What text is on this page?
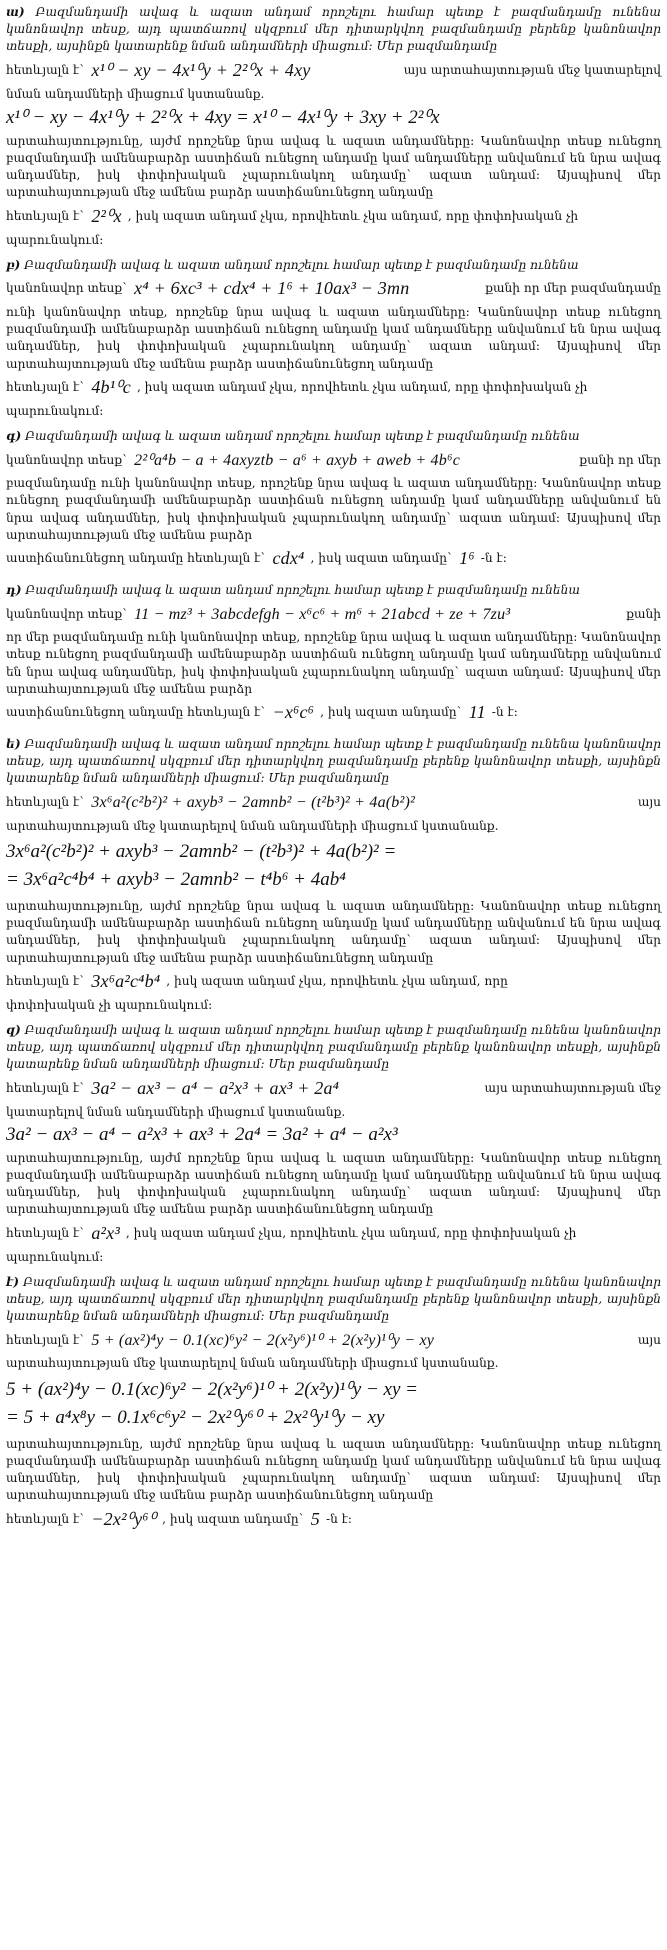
ա) Բազմանդամի ավագ և ազատ անդամ որոշելու համար պետք է բազմանդամը ունենա կանոնավոր տեսք, այդ պատճառով սկզբում մեր դիտարկվող բազմանդամը բերենք կանոնավոր տեսքի, այսինքն կատարենք նման անդամների միացում: Մեր բազմանդամը

հետևյալն է` x¹⁰ − xy − 4x¹⁰y + 2²⁰x + 4xy	այս արտահայտության մեջ կատարելով

նման անդամների միացում կստանանք.

x¹⁰ − xy − 4x¹⁰y + 2²⁰x + 4xy = x¹⁰ − 4x¹⁰y + 3xy + 2²⁰x

արտահայտությունը, այժմ որոշենք նրա ավագ և ազատ անդամները: Կանոնավոր տեսք ունեցող բազմանդամի ամենաբարձր աստիճան ունեցող անդամը կամ անդամները անվանում են նրա ավագ անդամներ, իսկ փոփոխական չպարունակող անդամը` ազատ անդամ: Այսպիսով մեր արտահայտության մեջ ամենա բարձր աստիճանունեցող անդամը

հետևյալն է` 2²⁰x , իսկ ազատ անդամ չկա, որովհետև չկա անդամ, որը փոփոխական չի

պարունակում:

բ) Բազմանդամի ավագ և ազատ անդամ որոշելու համար պետք է բազմանդամը ունենա

կանոնավոր տեսք` x⁴ + 6xc³ + cdx⁴ + 1⁶ + 10ax³ − 3mn	քանի որ մեր բազմանդամը

ունի կանոնավոր տեսք, որոշենք նրա ավագ և ազատ անդամները: Կանոնավոր տեսք ունեցող բազմանդամի ամենաբարձր աստիճան ունեցող անդամը կամ անդամները անվանում են նրա ավագ անդամներ, իսկ փոփոխական չպարունակող անդամը` ազատ անդամ: Այսպիսով մեր արտահայտության մեջ ամենա բարձր աստիճանունեցող անդամը

հետևյալն է` 4b¹⁰c , իսկ ազատ անդամ չկա, որովհետև չկա անդամ, որը փոփոխական չի

պարունակում:

գ) Բազմանդամի ավագ և ազատ անդամ որոշելու համար պետք է բազմանդամը ունենա

կանոնավոր տեսք` 2²⁰a⁴b − a + 4axyztb − a⁶ + axyb + aweb + 4b⁶c	քանի որ մեր

բազմանդամը ունի կանոնավոր տեսք, որոշենք նրա ավագ և ազատ անդամները: Կանոնավոր տեսք ունեցող բազմանդամի ամենաբարձր աստիճան ունեցող անդամը կամ անդամները անվանում են նրա ավագ անդամներ, իսկ փոփոխական չպարունակող անդամը` ազատ անդամ: Այսպիսով մեր արտահայտության մեջ ամենա բարձր

աստիճանունեցող անդամը հետևյալն է` cdx⁴ , իսկ ազատ անդամը` 1⁶ -ն է:

դ) Բազմանդամի ավագ և ազատ անդամ որոշելու համար պետք է բազմանդամը ունենա

կանոնավոր տեսք` 11 − mz³ + 3abcdefgh − x⁶c⁶ + m⁶ + 21abcd + ze + 7zu³	քանի

որ մեր բազմանդամը ունի կանոնավոր տեսք, որոշենք նրա ավագ և ազատ անդամները: Կանոնավոր տեսք ունեցող բազմանդամի ամենաբարձր աստիճան ունեցող անդամը կամ անդամները անվանում են նրա ավագ անդամներ, իսկ փոփոխական չպարունակող անդամը` ազատ անդամ: Այսպիսով մեր արտահայտության մեջ ամենա բարձր

աստիճանունեցող անդամը հետևյալն է` −x⁶c⁶ , իսկ ազատ անդամը` 11 -ն է:

ե) Բազմանդամի ավագ և ազատ անդամ որոշելու համար պետք է բազմանդամը ունենա կանոնավոր տեսք, այդ պատճառով սկզբում մեր դիտարկվող բազմանդամը բերենք կանոնավոր տեսքի, այսինքն կատարենք նման անդամների միացում: Մեր բազմանդամը

հետևյալն է` 3x⁶a²(c²b²)² + axyb³ − 2amnb² − (t²b³)² + 4a(b²)²	այս

արտահայտության մեջ կատարելով նման անդամների միացում կստանանք.

3x⁶a²(c²b²)² + axyb³ − 2amnb² − (t²b³)² + 4a(b²)² =
= 3x⁶a²c⁴b⁴ + axyb³ − 2amnb² − t⁴b⁶ + 4ab⁴

արտահայտությունը, այժմ որոշենք նրա ավագ և ազատ անդամները: Կանոնավոր տեսք ունեցող բազմանդամի ամենաբարձր աստիճան ունեցող անդամը կամ անդամները անվանում են նրա ավագ անդամներ, իսկ փոփոխական չպարունակող անդամը` ազատ անդամ: Այսպիսով մեր արտահայտության մեջ ամենա բարձր աստիճանունեցող անդամը

հետևյալն է` 3x⁶a²c⁴b⁴ , իսկ ազատ անդամ չկա, որովհետև չկա անդամ, որը

փոփոխական չի պարունակում:

զ) Բազմանդամի ավագ և ազատ անդամ որոշելու համար պետք է բազմանդամը ունենա կանոնավոր տեսք, այդ պատճառով սկզբում մեր դիտարկվող բազմանդամը բերենք կանոնավոր տեսքի, այսինքն կատարենք նման անդամների միացում: Մեր բազմանդամը

հետևյալն է` 3a² − ax³ − a⁴ − a²x³ + ax³ + 2a⁴	այս արտահայտության մեջ

կատարելով նման անդամների միացում կստանանք.

3a² − ax³ − a⁴ − a²x³ + ax³ + 2a⁴ = 3a² + a⁴ − a²x³

արտահայտությունը, այժմ որոշենք նրա ավագ և ազատ անդամները: Կանոնավոր տեսք ունեցող բազմանդամի ամենաբարձր աստիճան ունեցող անդամը կամ անդամները անվանում են նրա ավագ անդամներ, իսկ փոփոխական չպարունակող անդամը` ազատ անդամ: Այսպիսով մեր արտահայտության մեջ ամենա բարձր աստիճանունեցող անդամը

հետևյալն է` a²x³ , իսկ ազատ անդամ չկա, որովհետև չկա անդամ, որը փոփոխական չի

պարունակում:

է) Բազմանդամի ավագ և ազատ անդամ որոշելու համար պետք է բազմանդամը ունենա կանոնավոր տեսք, այդ պատճառով սկզբում մեր դիտարկվող բազմանդամը բերենք կանոնավոր տեսքի, այսինքն կատարենք նման անդամների միացում: Մեր բազմանդամը

հետևյալն է` 5 + (ax²)⁴y − 0.1(xc)⁶y² − 2(x²y⁶)¹⁰ + 2(x²y)¹⁰y − xy	այս

արտահայտության մեջ կատարելով նման անդամների միացում կստանանք.

5 + (ax²)⁴y − 0.1(xc)⁶y² − 2(x²y⁶)¹⁰ + 2(x²y)¹⁰y − xy =
= 5 + a⁴x⁸y − 0.1x⁶c⁶y² − 2x²⁰y⁶⁰ + 2x²⁰y¹⁰y − xy

արտահայտությունը, այժմ որոշենք նրա ավագ և ազատ անդամները: Կանոնավոր տեսք ունեցող բազմանդամի ամենաբարձր աստիճան ունեցող անդամը կամ անդամները անվանում են նրա ավագ անդամներ, իսկ փոփոխական չպարունակող անդամը` ազատ անդամ: Այսպիսով մեր արտահայտության մեջ ամենա բարձր աստիճանունեցող անդամը

հետևյալն է` −2x²⁰y⁶⁰ , իսկ ազատ անդամը` 5 -ն է:
